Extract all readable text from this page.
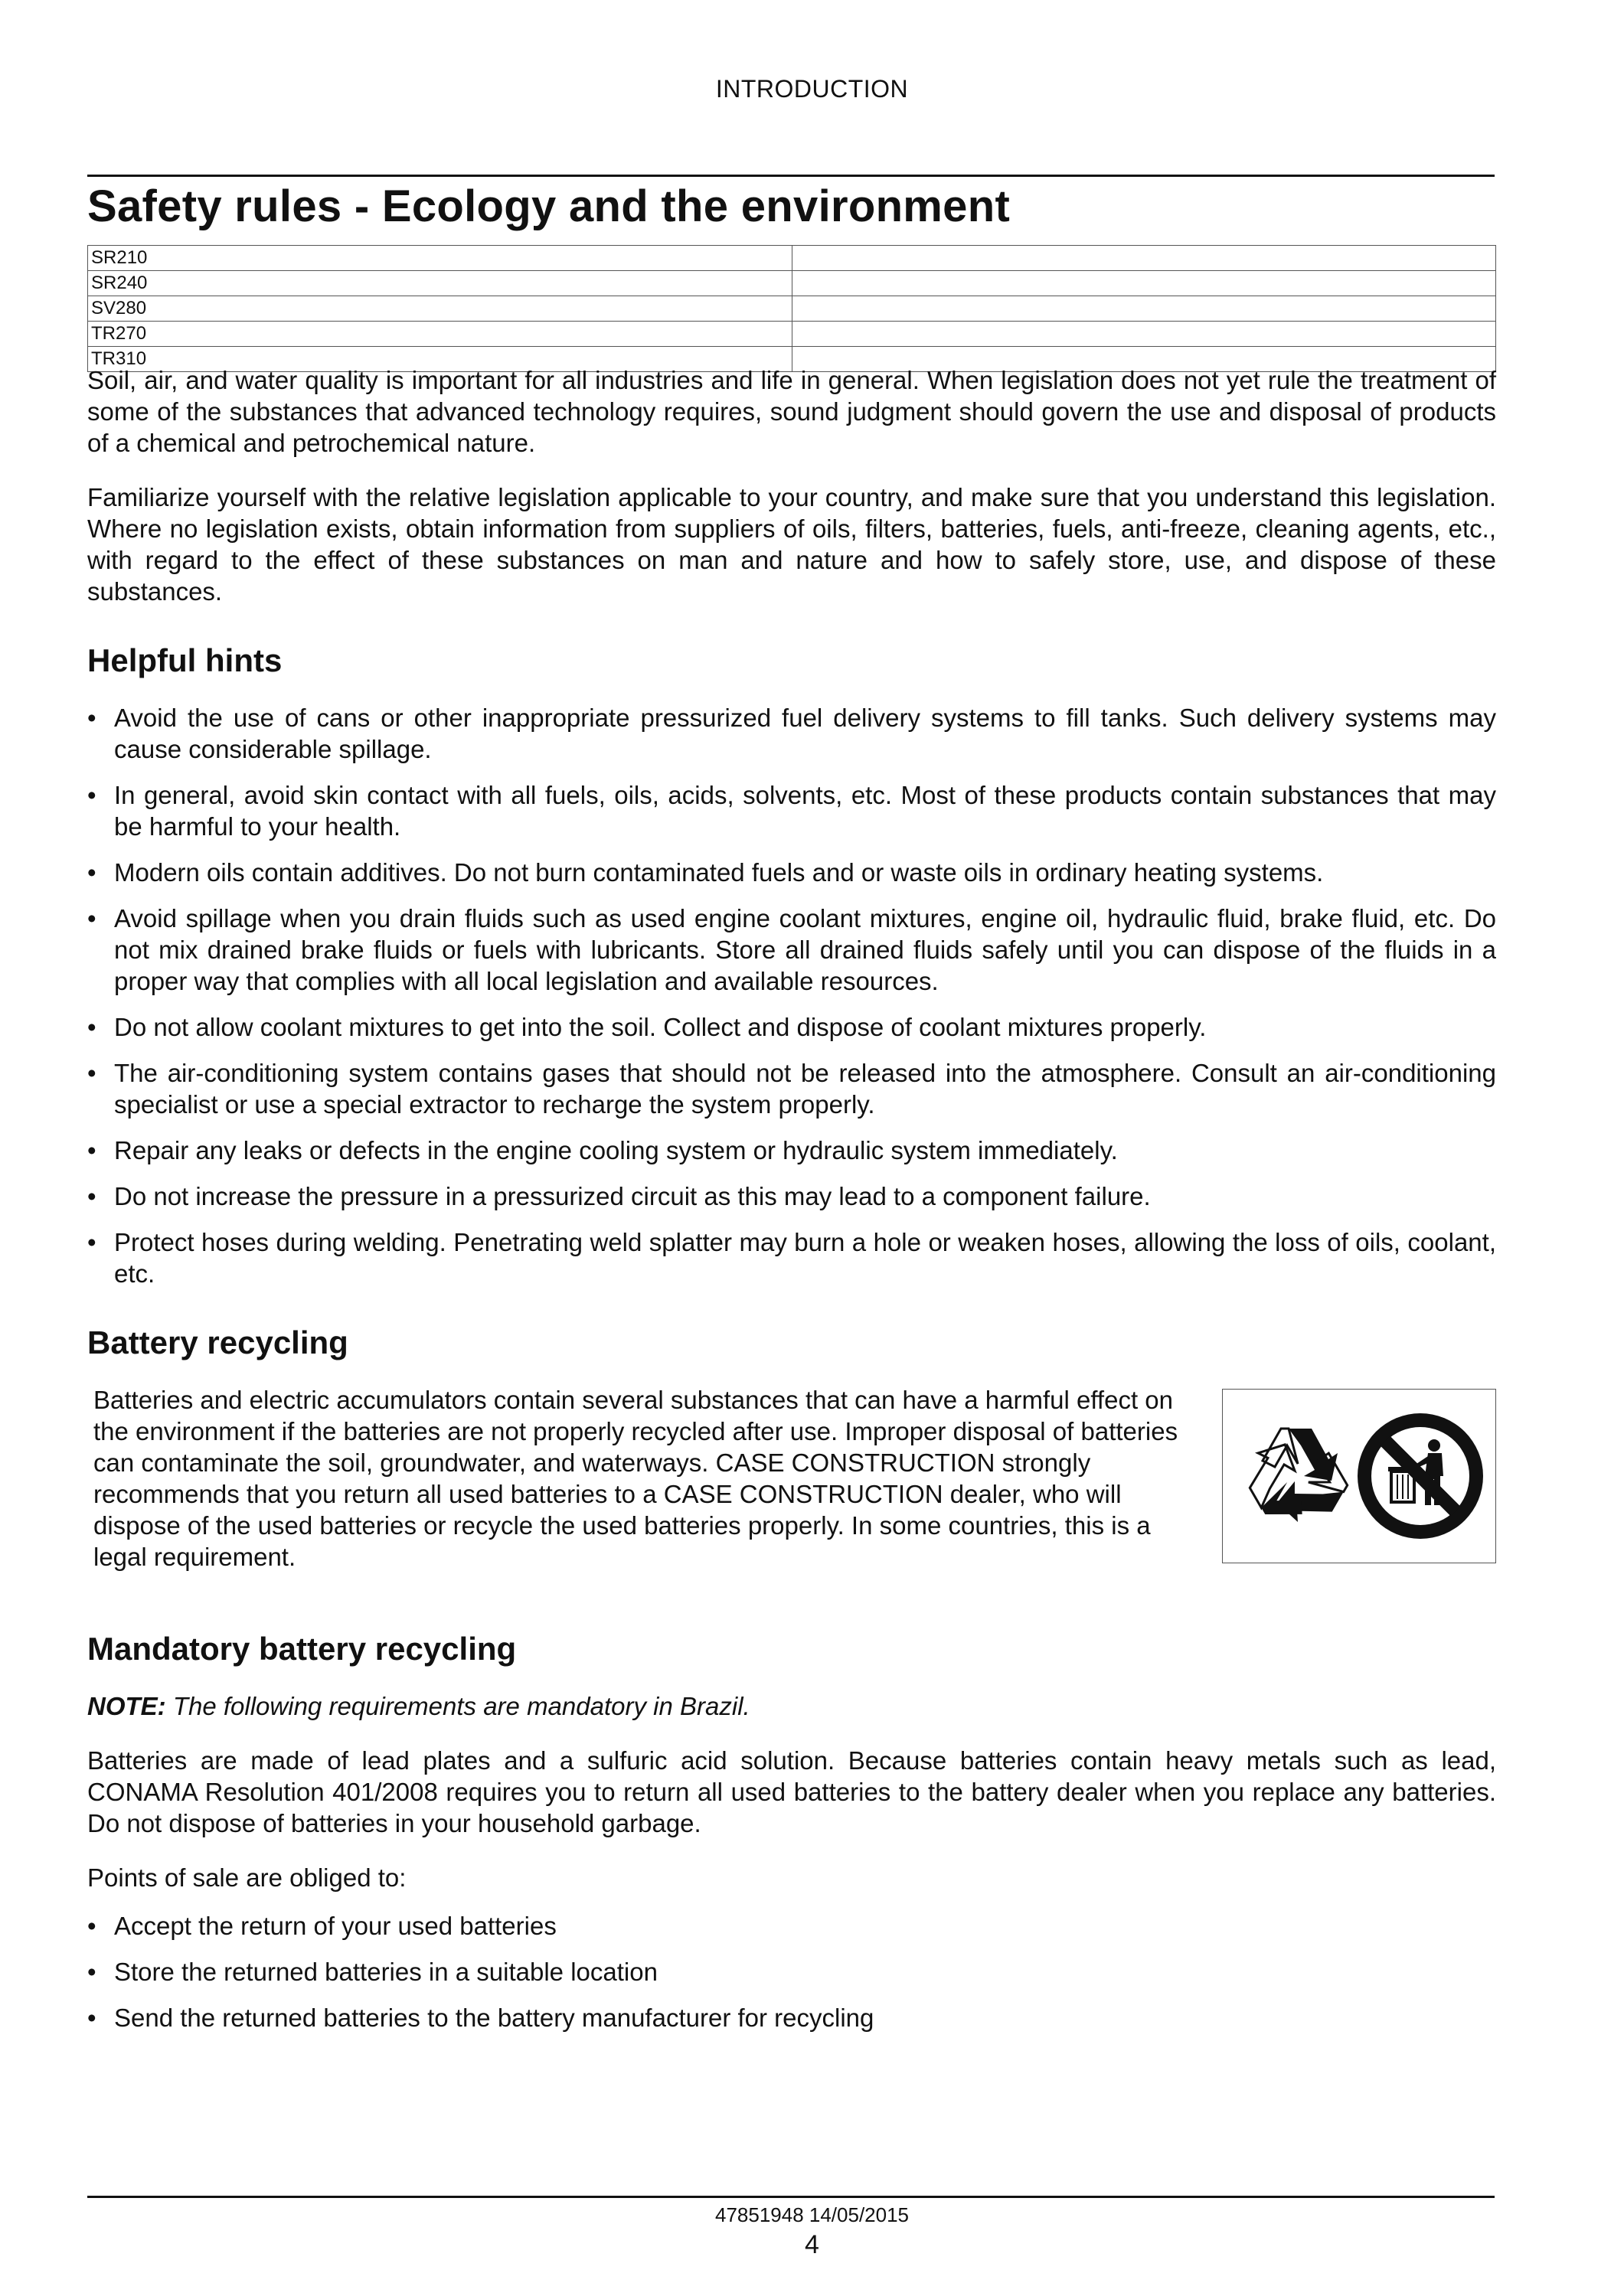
INTRODUCTION
Safety rules - Ecology and the environment
SR210	
SR240	
SV280	
TR270	
TR310	

Soil, air, and water quality is important for all industries and life in general. When legislation does not yet rule the treatment of some of the substances that advanced technology requires, sound judgment should govern the use and disposal of products of a chemical and petrochemical nature.

Familiarize yourself with the relative legislation applicable to your country, and make sure that you understand this legislation. Where no legislation exists, obtain information from suppliers of oils, filters, batteries, fuels, anti-freeze, cleaning agents, etc., with regard to the effect of these substances on man and nature and how to safely store, use, and dispose of these substances.

Helpful hints
• Avoid the use of cans or other inappropriate pressurized fuel delivery systems to fill tanks. Such delivery systems may cause considerable spillage.
• In general, avoid skin contact with all fuels, oils, acids, solvents, etc. Most of these products contain substances that may be harmful to your health.
• Modern oils contain additives. Do not burn contaminated fuels and or waste oils in ordinary heating systems.
• Avoid spillage when you drain fluids such as used engine coolant mixtures, engine oil, hydraulic fluid, brake fluid, etc. Do not mix drained brake fluids or fuels with lubricants. Store all drained fluids safely until you can dispose of the fluids in a proper way that complies with all local legislation and available resources.
• Do not allow coolant mixtures to get into the soil. Collect and dispose of coolant mixtures properly.
• The air-conditioning system contains gases that should not be released into the atmosphere. Consult an air-conditioning specialist or use a special extractor to recharge the system properly.
• Repair any leaks or defects in the engine cooling system or hydraulic system immediately.
• Do not increase the pressure in a pressurized circuit as this may lead to a component failure.
• Protect hoses during welding. Penetrating weld splatter may burn a hole or weaken hoses, allowing the loss of oils, coolant, etc.
Battery recycling

Batteries and electric accumulators contain several substances that can have a harmful effect on the environment if the batteries are not properly recycled after use. Improper disposal of batteries can contaminate the soil, groundwater, and waterways. CASE CONSTRUCTION strongly recommends that you return all used batteries to a CASE CONSTRUCTION dealer, who will dispose of the used batteries or recycle the used batteries properly. In some countries, this is a legal requirement.

Mandatory battery recycling

NOTE: The following requirements are mandatory in Brazil.

Batteries are made of lead plates and a sulfuric acid solution. Because batteries contain heavy metals such as lead, CONAMA Resolution 401/2008 requires you to return all used batteries to the battery dealer when you replace any batteries. Do not dispose of batteries in your household garbage.

Points of sale are obliged to:

• Accept the return of your used batteries
• Store the returned batteries in a suitable location
• Send the returned batteries to the battery manufacturer for recycling
47851948 14/05/2015
4
